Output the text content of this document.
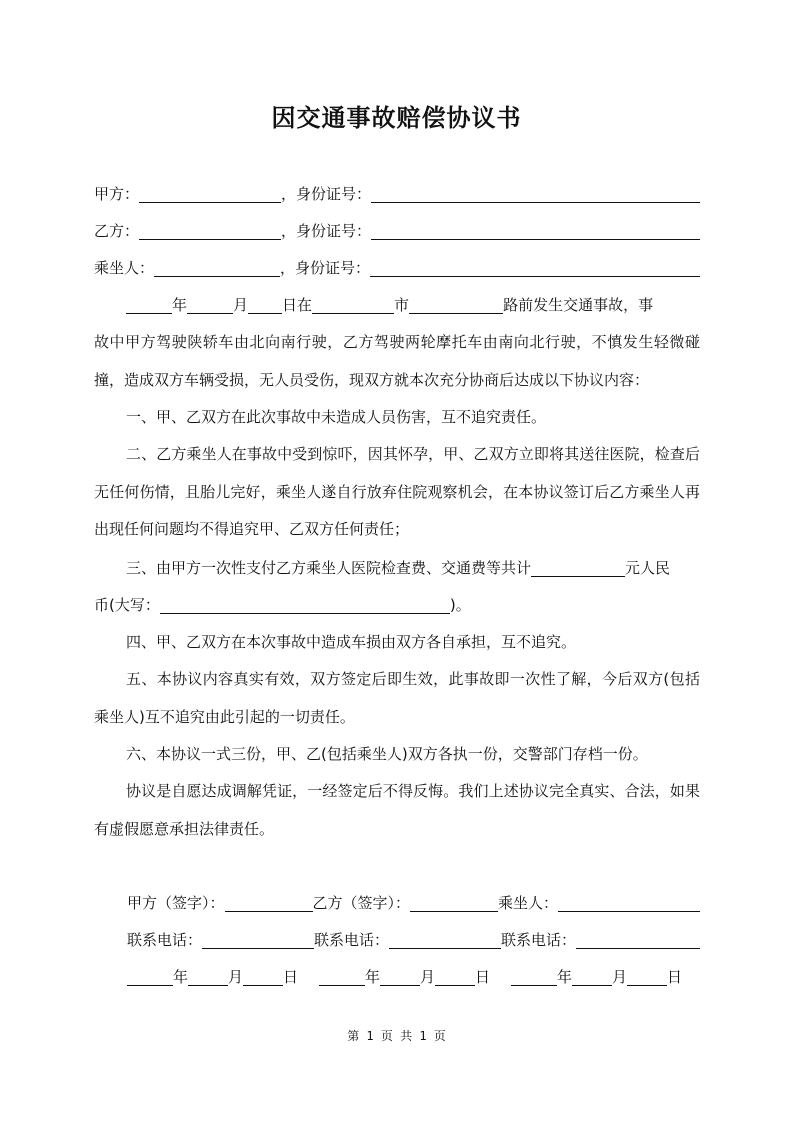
因交通事故赔偿协议书
甲方：	，身份证号：
乙方：	，身份证号：
乘坐人：	，身份证号：
年	月 日在	市	路前发生交通事故，事
故中甲方驾驶陕轿车由北向南行驶，乙方驾驶两轮摩托车由南向北行驶，不慎发生轻微碰撞，造成双方车辆受损，无人员受伤，现双方就本次充分协商后达成以下协议内容：
一、甲、乙双方在此次事故中未造成人员伤害，互不追究责任。
二、乙方乘坐人在事故中受到惊吓，因其怀孕，甲、乙双方立即将其送往医院，检查后无任何伤情，且胎儿完好，乘坐人遂自行放弃住院观察机会，在本协议签订后乙方乘坐人再出现任何问题均不得追究甲、乙双方任何责任；
三、由甲方一次性支付乙方乘坐人医院检查费、交通费等共计	元人民
币(大写：	)。
四、甲、乙双方在本次事故中造成车损由双方各自承担，互不追究。
五、本协议内容真实有效，双方签定后即生效，此事故即一次性了解，今后双方(包括乘坐人)互不追究由此引起的一切责任。
六、本协议一式三份，甲、乙(包括乘坐人)双方各执一份，交警部门存档一份。
协议是自愿达成调解凭证，一经签定后不得反悔。我们上述协议完全真实、合法，如果有虚假愿意承担法律责任。
甲方（签字）：	乙方（签字）：	乘坐人：
联系电话：	联系电话：	联系电话：
年	月	日	年	月	日	年	月	日
第 1 页 共 1 页
